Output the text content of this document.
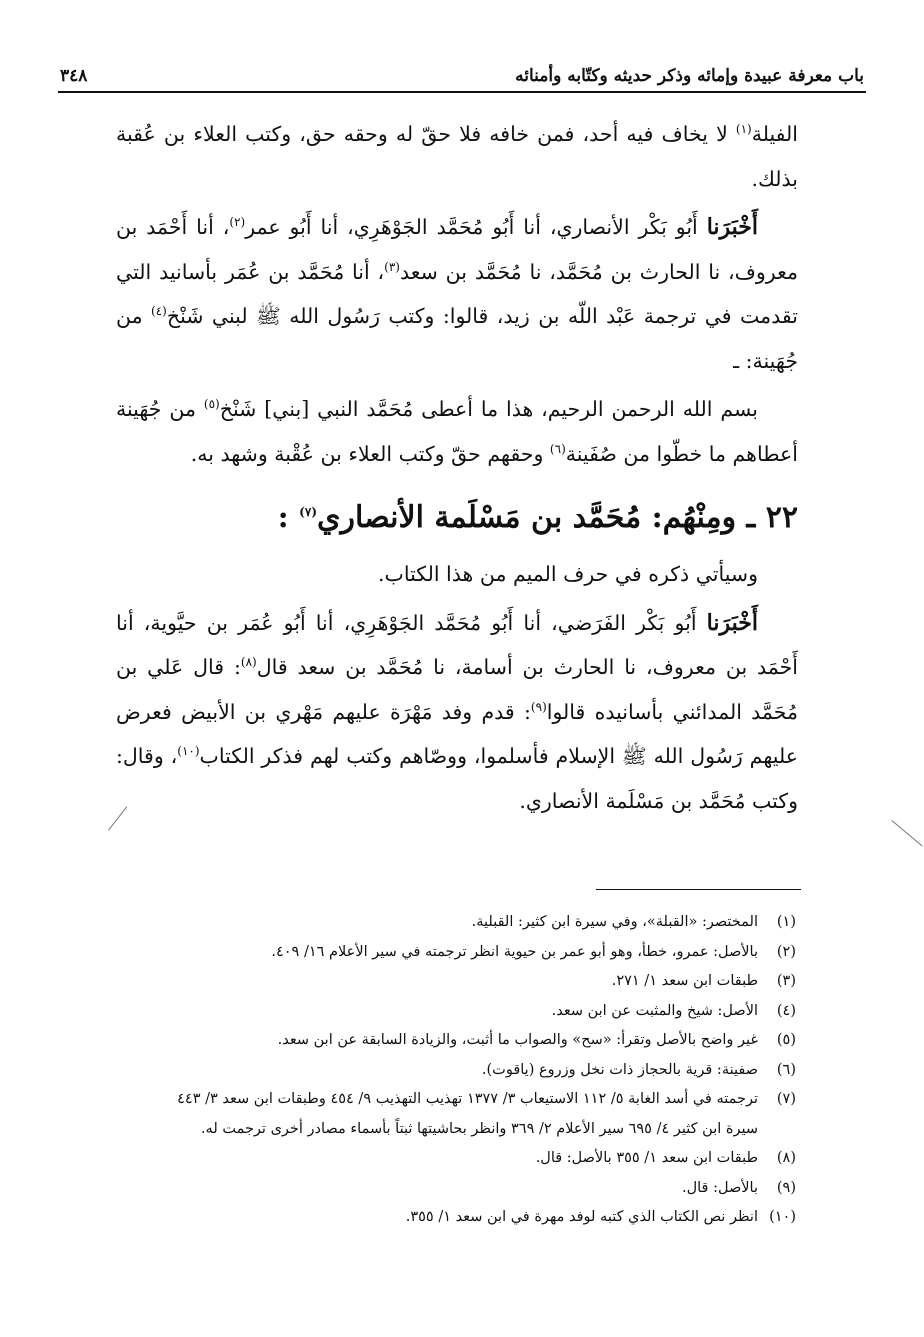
باب معرفة عبيدة وإمائه وذكر حديثه وكتّابه وأمنائه
٣٤٨

الفيلة$^{(١)}$ لا يخاف فيه أحد، فمن خافه فلا حقّ له وحقه حق، وكتب العلاء بن عُقبة بذلك.

أَخْبَرَنا أَبُو بَكْر الأنصاري، أنا أَبُو مُحَمَّد الجَوْهَرِي، أنا أَبُو عمر$^{(٢)}$، أنا أَحْمَد بن معروف، نا الحارث بن مُحَمَّد، نا مُحَمَّد بن سعد$^{(٣)}$، أنا مُحَمَّد بن عُمَر بأسانيد التي تقدمت في ترجمة عَبْد اللّه بن زيد، قالوا: وكتب رَسُول الله ﷺ لبني شَنْخ$^{(٤)}$ من جُهَينة: ـ

بسم الله الرحمن الرحيم، هذا ما أعطى مُحَمَّد النبي [بني] شَنْخ$^{(٥)}$ من جُهَينة أعطاهم ما خطّوا من صُفَينة$^{(٦)}$ وحقهم حقّ وكتب العلاء بن عُقْبة وشهد به.

٢٢ ـ ومِنْهُم: مُحَمَّد بن مَسْلَمة الأنصاري$^{(٧)}$ :

وسيأتي ذكره في حرف الميم من هذا الكتاب.

أَخْبَرَنا أَبُو بَكْر الفَرَضي، أنا أَبُو مُحَمَّد الجَوْهَرِي، أنا أَبُو عُمَر بن حيَّوية، أنا أَحْمَد بن معروف، نا الحارث بن أسامة، نا مُحَمَّد بن سعد قال$^{(٨)}$: قال عَلي بن مُحَمَّد المدائني بأسانيده قالوا$^{(٩)}$: قدم وفد مَهْرَة عليهم مَهْري بن الأبيض فعرض عليهم رَسُول الله ﷺ الإسلام فأسلموا، ووصّاهم وكتب لهم فذكر الكتاب$^{(١٠)}$، وقال: وكتب مُحَمَّد بن مَسْلَمة الأنصاري.

(١)
المختصر: «القبلة»، وفي سيرة ابن كثير: القبلية.
(٢)
بالأصل: عمرو، خطأ، وهو أبو عمر بن حيوية انظر ترجمته في سير الأعلام ١٦/ ٤٠٩.
(٣)
طبقات ابن سعد ١/ ٢٧١.
(٤)
الأصل: شيخ والمثبت عن ابن سعد.
(٥)
غير واضح بالأصل وتقرأ: «سح» والصواب ما أثبت، والزيادة السابقة عن ابن سعد.
(٦)
صفينة: قرية بالحجاز ذات نخل وزروع (ياقوت).
(٧)
ترجمته في أسد الغابة ٥/ ١١٢ الاستيعاب ٣/ ١٣٧٧ تهذيب التهذيب ٩/ ٤٥٤ وطبقات ابن سعد ٣/ ٤٤٣ سيرة ابن كثير ٤/ ٦٩٥ سير الأعلام ٢/ ٣٦٩ وانظر بحاشيتها ثبتاً بأسماء مصادر أخرى ترجمت له.
(٨)
طبقات ابن سعد ١/ ٣٥٥ بالأصل: قال.
(٩)
بالأصل: قال.
(١٠)
انظر نص الكتاب الذي كتبه لوفد مهرة في ابن سعد ١/ ٣٥٥.
